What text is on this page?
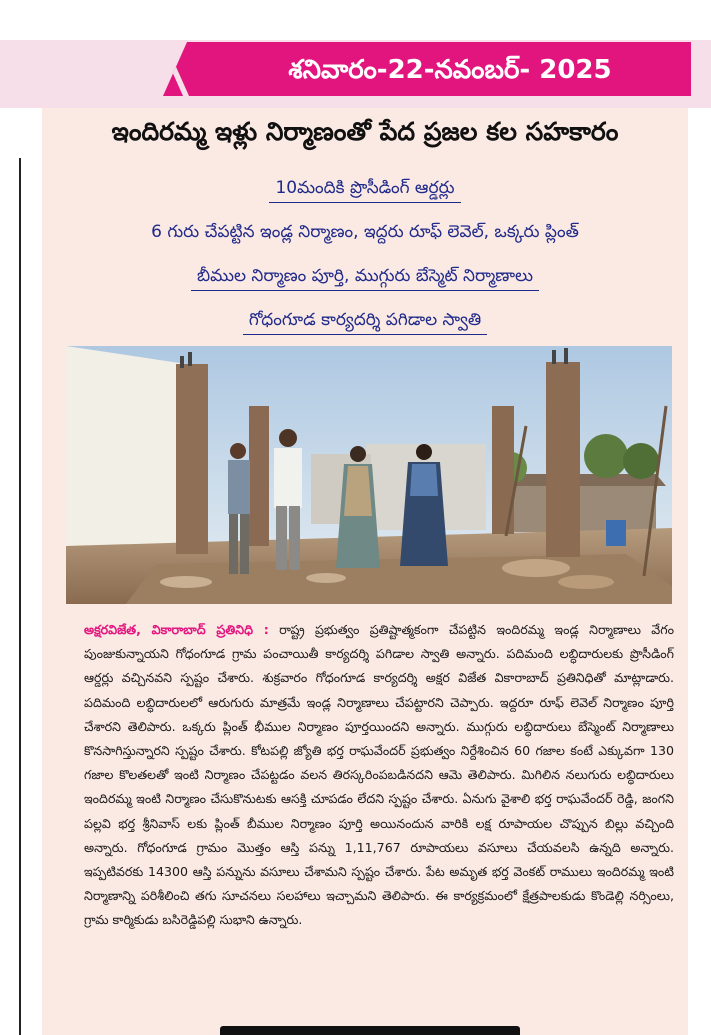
శనివారం-22-నవంబర్- 2025
ఇందిరమ్మ ఇళ్లు నిర్మాణంతో పేద ప్రజల కల సహకారం
10మందికి ప్రొసీడింగ్ ఆర్డర్లు
6 గురు చేపట్టిన ఇండ్ల నిర్మాణం, ఇద్దరు రూఫ్ లెవెల్, ఒక్కరు ప్లింత్
బీముల నిర్మాణం పూర్తి, ముగ్గురు బేస్మెట్ నిర్మాణాలు
గోధంగూడ కార్యదర్శి పగిడాల స్వాతి
అక్షరవిజేత, వికారాబాద్ ప్రతినిధి : రాష్ట్ర ప్రభుత్వం ప్రతిష్టాత్మకంగా చేపట్టిన ఇందిరమ్మ ఇండ్ల నిర్మాణాలు వేగం పుంజుకున్నాయని గోధంగూడ గ్రామ పంచాయితీ కార్యదర్శి పగిడాల స్వాతి అన్నారు. పదిమంది లబ్ధిదారులకు ప్రొసీడింగ్ ఆర్డర్లు వచ్చినవని స్పష్టం చేశారు. శుక్రవారం గోధంగూడ కార్యదర్శి అక్షర విజేత వికారాబాద్ ప్రతినిధితో మాట్లాడారు. పదిమంది లబ్ధిదారులలో ఆరుగురు మాత్రమే ఇండ్ల నిర్మాణాలు చేపట్టారని చెప్పారు. ఇద్దరూ రూఫ్ లెవెల్ నిర్మాణం పూర్తి చేశారని తెలిపారు. ఒక్కరు ప్లింత్ భీముల నిర్మాణం పూర్తయిందని అన్నారు. ముగ్గురు లబ్ధిదారులు బేస్మెంట్ నిర్మాణాలు కొనసాగిస్తున్నారని స్పష్టం చేశారు. కోటపల్లి జ్యోతి భర్త రాఘవేందర్ ప్రభుత్వం నిర్దేశించిన 60 గజాల కంటే ఎక్కువగా 130 గజాల కొలతలతో ఇంటి నిర్మాణం చేపట్టడం వలన తిరస్కరింపబడినదని ఆమె తెలిపారు. మిగిలిన నలుగురు లబ్ధిదారులు ఇందిరమ్మ ఇంటి నిర్మాణం చేసుకొనుటకు ఆసక్తి చూపడం లేదని స్పష్టం చేశారు. ఏనుగు వైశాలి భర్త రాఘవేందర్ రెడ్డి, జంగని పల్లవి భర్త శ్రీనివాస్ లకు ప్లింత్ బీముల నిర్మాణం పూర్తి అయినందున వారికి లక్ష రూపాయల చొప్పున బిల్లు వచ్చింది అన్నారు. గోధంగూడ గ్రామం మొత్తం ఆస్తి పన్ను 1,11,767 రూపాయలు వసూలు చేయవలసి ఉన్నది అన్నారు. ఇప్పటివరకు 14300 ఆస్తి పన్నును వసూలు చేశామని స్పష్టం చేశారు. పేట అమృత భర్త వెంకట్ రాములు ఇందిరమ్మ ఇంటి నిర్మాణాన్ని పరిశీలించి తగు సూచనలు సలహాలు ఇచ్చామని తెలిపారు. ఈ కార్యక్రమంలో క్షేత్రపాలకుడు కొండెల్లి నర్సింలు, గ్రామ కార్మికుడు బసిరెడ్డిపల్లి సుభాని ఉన్నారు.
